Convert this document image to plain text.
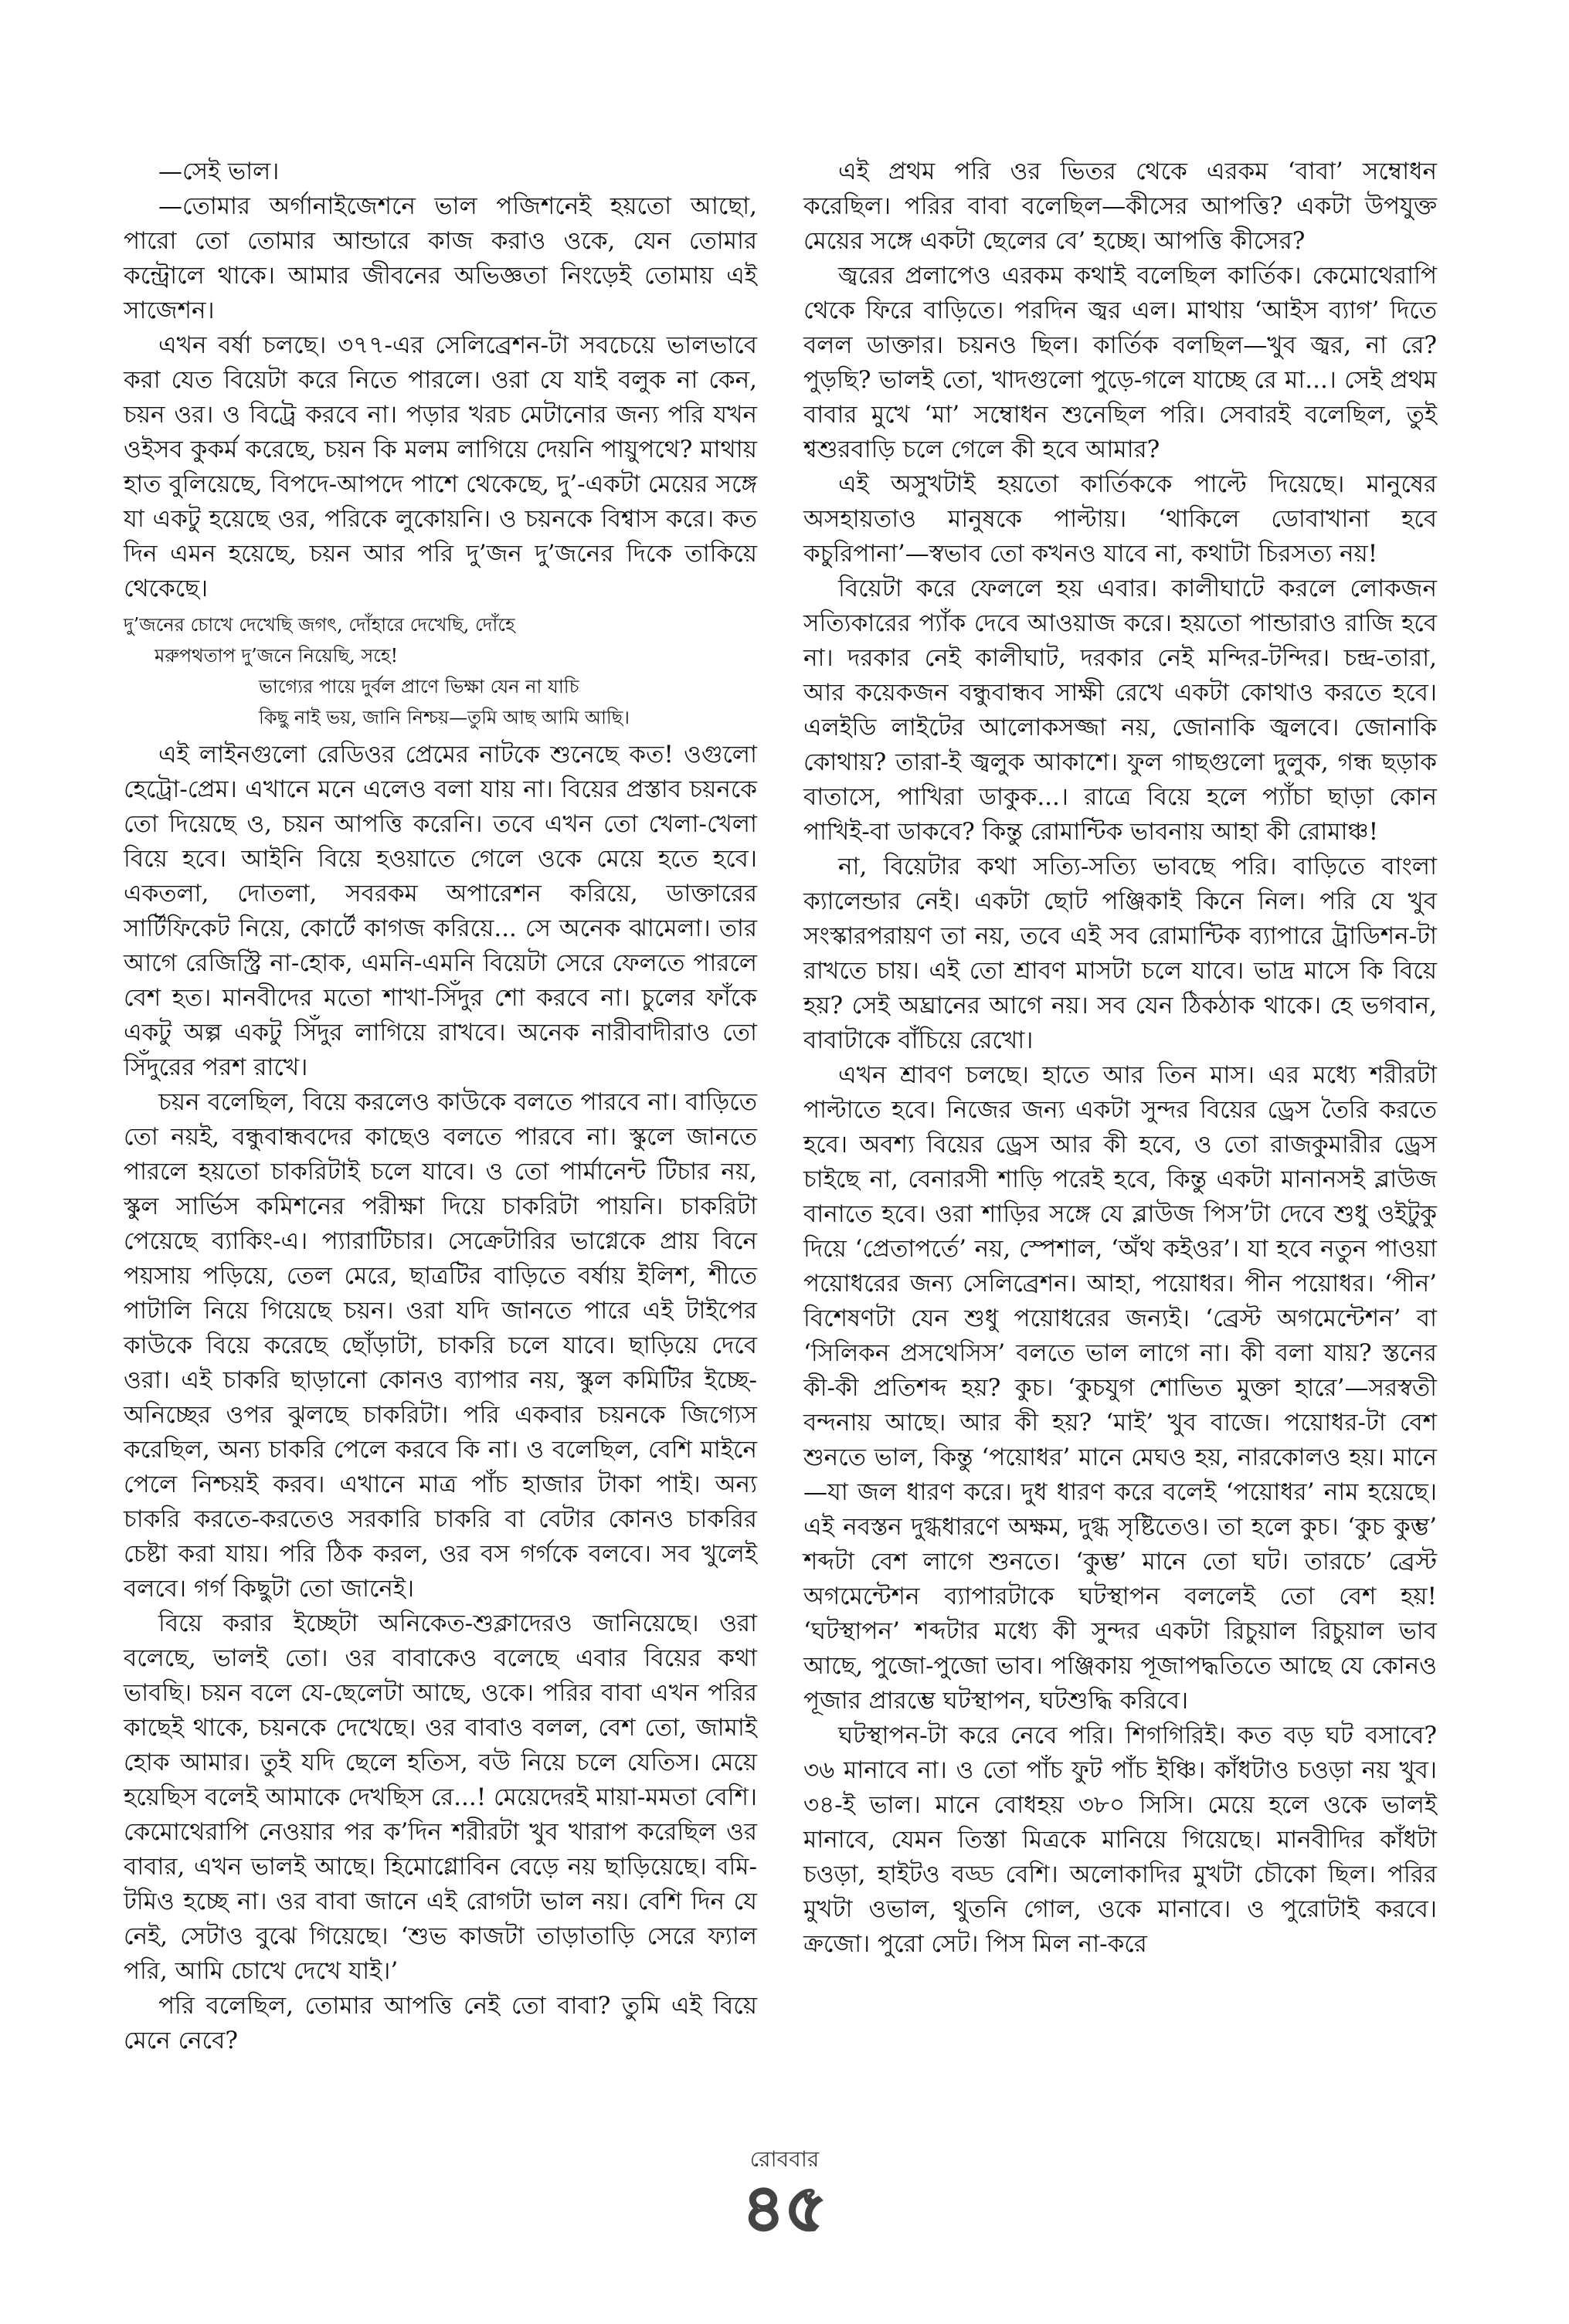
—সেই ভাল।

—তোমার অর্গানাইজেশনে ভাল পজিশনেই হয়তো আছো, পারো তো তোমার আন্ডারে কাজ করাও ওকে, যেন তোমার কন্ট্রোলে থাকে। আমার জীবনের অভিজ্ঞতা নিংড়েই তোমায় এই সাজেশন।

এখন বর্ষা চলছে। ৩৭৭-এর সেলিব্রেশন-টা সবচেয়ে ভালভাবে করা যেত বিয়েটা করে নিতে পারলে। ওরা যে যাই বলুক না কেন, চয়ন ওর। ও বিট্রে করবে না। পড়ার খরচ মেটানোর জন্য পরি যখন ওইসব কুকর্ম করেছে, চয়ন কি মলম লাগিয়ে দেয়নি পায়ুপথে? মাথায় হাত বুলিয়েছে, বিপদে-আপদে পাশে থেকেছে, দু’-একটা মেয়ের সঙ্গে যা একটু হয়েছে ওর, পরিকে লুকোয়নি। ও চয়নকে বিশ্বাস করে। কত দিন এমন হয়েছে, চয়ন আর পরি দু’জন দু’জনের দিকে তাকিয়ে থেকেছে।

দু’জনের চোখে দেখেছি জগৎ, দোঁহারে দেখেছি, দোঁহে
মরুপথতাপ দু’জনে নিয়েছি, সহে!
ভাগ্যের পায়ে দুর্বল প্রাণে ভিক্ষা যেন না যাচি
কিছু নাই ভয়, জানি নিশ্চয়—তুমি আছ আমি আছি।

এই লাইনগুলো রেডিওর প্রেমের নাটকে শুনেছে কত! ওগুলো হেট্রো-প্রেম। এখানে মনে এলেও বলা যায় না। বিয়ের প্রস্তাব চয়নকে তো দিয়েছে ও, চয়ন আপত্তি করেনি। তবে এখন তো খেলা-খেলা বিয়ে হবে। আইনি বিয়ে হওয়াতে গেলে ওকে মেয়ে হতে হবে। একতলা, দোতলা, সবরকম অপারেশন করিয়ে, ডাক্তারের সার্টিফিকেট নিয়ে, কোর্টে কাগজ করিয়ে... সে অনেক ঝামেলা। তার আগে রেজিস্ট্রি না-হোক, এমনি-এমনি বিয়েটা সেরে ফেলতে পারলে বেশ হত। মানবীদের মতো শাখা-সিঁদুর শো করবে না। চুলের ফাঁকে একটু অল্প একটু সিঁদুর লাগিয়ে রাখবে। অনেক নারীবাদীরাও তো সিঁদুরের পরশ রাখে।

চয়ন বলেছিল, বিয়ে করলেও কাউকে বলতে পারবে না। বাড়িতে তো নয়ই, বন্ধুবান্ধবদের কাছেও বলতে পারবে না। স্কুলে জানতে পারলে হয়তো চাকরিটাই চলে যাবে। ও তো পার্মানেন্ট টিচার নয়, স্কুল সার্ভিস কমিশনের পরীক্ষা দিয়ে চাকরিটা পায়নি। চাকরিটা পেয়েছে ব্যাকিং-এ। প্যারাটিচার। সেক্রেটারির ভাগ্নেকে প্রায় বিনে পয়সায় পড়িয়ে, তেল মেরে, ছাত্রটির বাড়িতে বর্ষায় ইলিশ, শীতে পাটালি নিয়ে গিয়েছে চয়ন। ওরা যদি জানতে পারে এই টাইপের কাউকে বিয়ে করেছে ছোঁড়াটা, চাকরি চলে যাবে। ছাড়িয়ে দেবে ওরা। এই চাকরি ছাড়ানো কোনও ব্যাপার নয়, স্কুল কমিটির ইচ্ছে-অনিচ্ছের ওপর ঝুলছে চাকরিটা। পরি একবার চয়নকে জিগ্যেস করেছিল, অন্য চাকরি পেলে করবে কি না। ও বলেছিল, বেশি মাইনে পেলে নিশ্চয়ই করব। এখানে মাত্র পাঁচ হাজার টাকা পাই। অন্য চাকরি করতে-করতেও সরকারি চাকরি বা বেটার কোনও চাকরির চেষ্টা করা যায়। পরি ঠিক করল, ওর বস গর্গকে বলবে। সব খুলেই বলবে। গর্গ কিছুটা তো জানেই।

বিয়ে করার ইচ্ছেটা অনিকেত-শুক্লাদেরও জানিয়েছে। ওরা বলেছে, ভালই তো। ওর বাবাকেও বলেছে এবার বিয়ের কথা ভাবছি। চয়ন বলে যে-ছেলেটা আছে, ওকে। পরির বাবা এখন পরির কাছেই থাকে, চয়নকে দেখেছে। ওর বাবাও বলল, বেশ তো, জামাই হোক আমার। তুই যদি ছেলে হতিস, বউ নিয়ে চলে যেতিস। মেয়ে হয়েছিস বলেই আমাকে দেখছিস রে...! মেয়েদেরই মায়া-মমতা বেশি। কেমোথেরাপি নেওয়ার পর ক’দিন শরীরটা খুব খারাপ করেছিল ওর বাবার, এখন ভালই আছে। হিমোগ্লোবিন বেড়ে নয় ছাড়িয়েছে। বমি-টমিও হচ্ছে না। ওর বাবা জানে এই রোগটা ভাল নয়। বেশি দিন যে নেই, সেটাও বুঝে গিয়েছে। ‘শুভ কাজটা তাড়াতাড়ি সেরে ফ্যাল পরি, আমি চোখে দেখে যাই।’

পরি বলেছিল, তোমার আপত্তি নেই তো বাবা? তুমি এই বিয়ে মেনে নেবে?

এই প্রথম পরি ওর ভিতর থেকে এরকম ‘বাবা’ সম্বোধন করেছিল। পরির বাবা বলেছিল—কীসের আপত্তি? একটা উপযুক্ত মেয়ের সঙ্গে একটা ছেলের বে’ হচ্ছে। আপত্তি কীসের?

জ্বরের প্রলাপেও এরকম কথাই বলেছিল কার্তিক। কেমোথেরাপি থেকে ফিরে বাড়িতে। পরদিন জ্বর এল। মাথায় ‘আইস ব্যাগ’ দিতে বলল ডাক্তার। চয়নও ছিল। কার্তিক বলছিল—খুব জ্বর, না রে? পুড়ছি? ভালই তো, খাদগুলো পুড়ে-গলে যাচ্ছে রে মা...। সেই প্রথম বাবার মুখে ‘মা’ সম্বোধন শুনেছিল পরি। সেবারই বলেছিল, তুই শ্বশুরবাড়ি চলে গেলে কী হবে আমার?

এই অসুখটাই হয়তো কার্তিককে পাল্টে দিয়েছে। মানুষের অসহায়তাও মানুষকে পাল্টায়। ‘থাকিলে ডোবাখানা হবে কচুরিপানা’—স্বভাব তো কখনও যাবে না, কথাটা চিরসত্য নয়!

বিয়েটা করে ফেললে হয় এবার। কালীঘাটে করলে লোকজন সত্যিকারের প্যাঁক দেবে আওয়াজ করে। হয়তো পান্ডারাও রাজি হবে না। দরকার নেই কালীঘাট, দরকার নেই মন্দির-টন্দির। চন্দ্র-তারা, আর কয়েকজন বন্ধুবান্ধব সাক্ষী রেখে একটা কোথাও করতে হবে। এলইডি লাইটের আলোকসজ্জা নয়, জোনাকি জ্বলবে। জোনাকি কোথায়? তারা-ই জ্বলুক আকাশে। ফুল গাছগুলো দুলুক, গন্ধ ছড়াক বাতাসে, পাখিরা ডাকুক...। রাত্রে বিয়ে হলে প্যাঁচা ছাড়া কোন পাখিই-বা ডাকবে? কিন্তু রোমান্টিক ভাবনায় আহা কী রোমাঞ্চ!

না, বিয়েটার কথা সত্যি-সত্যি ভাবছে পরি। বাড়িতে বাংলা ক্যালেন্ডার নেই। একটা ছোট পঞ্জিকাই কিনে নিল। পরি যে খুব সংস্কারপরায়ণ তা নয়, তবে এই সব রোমান্টিক ব্যাপারে ট্রাডিশন-টা রাখতে চায়। এই তো শ্রাবণ মাসটা চলে যাবে। ভাদ্র মাসে কি বিয়ে হয়? সেই অঘ্রানের আগে নয়। সব যেন ঠিকঠাক থাকে। হে ভগবান, বাবাটাকে বাঁচিয়ে রেখো।

এখন শ্রাবণ চলছে। হাতে আর তিন মাস। এর মধ্যে শরীরটা পাল্টাতে হবে। নিজের জন্য একটা সুন্দর বিয়ের ড্রেস তৈরি করতে হবে। অবশ্য বিয়ের ড্রেস আর কী হবে, ও তো রাজকুমারীর ড্রেস চাইছে না, বেনারসী শাড়ি পরেই হবে, কিন্তু একটা মানানসই ব্লাউজ বানাতে হবে। ওরা শাড়ির সঙ্গে যে ব্লাউজ পিস’টা দেবে শুধু ওইটুকু দিয়ে ‘প্রেতাপর্তে’ নয়, স্পেশাল, ‘অঁথ কইওর’। যা হবে নতুন পাওয়া পয়োধরের জন্য সেলিব্রেশন। আহা, পয়োধর। পীন পয়োধর। ‘পীন’ বিশেষণটা যেন শুধু পয়োধরের জন্যই। ‘ব্রেস্ট অগমেন্টেশন’ বা ‘সিলিকন প্রসথেসিস’ বলতে ভাল লাগে না। কী বলা যায়? স্তনের কী-কী প্রতিশব্দ হয়? কুচ। ‘কুচযুগ শোভিত মুক্তা হারে’—সরস্বতী বন্দনায় আছে। আর কী হয়? ‘মাই’ খুব বাজে। পয়োধর-টা বেশ শুনতে ভাল, কিন্তু ‘পয়োধর’ মানে মেঘও হয়, নারকোলও হয়। মানে—যা জল ধারণ করে। দুধ ধারণ করে বলেই ‘পয়োধর’ নাম হয়েছে। এই নবস্তন দুগ্ধধারণে অক্ষম, দুগ্ধ সৃষ্টিতেও। তা হলে কুচ। ‘কুচ কুম্ভ’ শব্দটা বেশ লাগে শুনতে। ‘কুম্ভ’ মানে তো ঘট। তারচে’ ব্রেস্ট অগমেন্টেশন ব্যাপারটাকে ঘটস্থাপন বললেই তো বেশ হয়! ‘ঘটস্থাপন’ শব্দটার মধ্যে কী সুন্দর একটা রিচুয়াল রিচুয়াল ভাব আছে, পুজো-পুজো ভাব। পঞ্জিকায় পূজাপদ্ধতিতে আছে যে কোনও পূজার প্রারম্ভে ঘটস্থাপন, ঘটশুদ্ধি করিবে।

ঘটস্থাপন-টা করে নেবে পরি। শিগগিরিই। কত বড় ঘট বসাবে? ৩৬ মানাবে না। ও তো পাঁচ ফুট পাঁচ ইঞ্চি। কাঁধটাও চওড়া নয় খুব। ৩৪-ই ভাল। মানে বোধহয় ৩৮০ সিসি। মেয়ে হলে ওকে ভালই মানাবে, যেমন তিস্তা মিত্রকে মানিয়ে গিয়েছে। মানবীদির কাঁধটা চওড়া, হাইটও বড্ড বেশি। অলোকাদির মুখটা চৌকো ছিল। পরির মুখটা ওভাল, থুতনি গোল, ওকে মানাবে। ও পুরোটাই করবে। ক্রজো। পুরো সেট। পিস মিল না-করে

রোববার
৪৫
